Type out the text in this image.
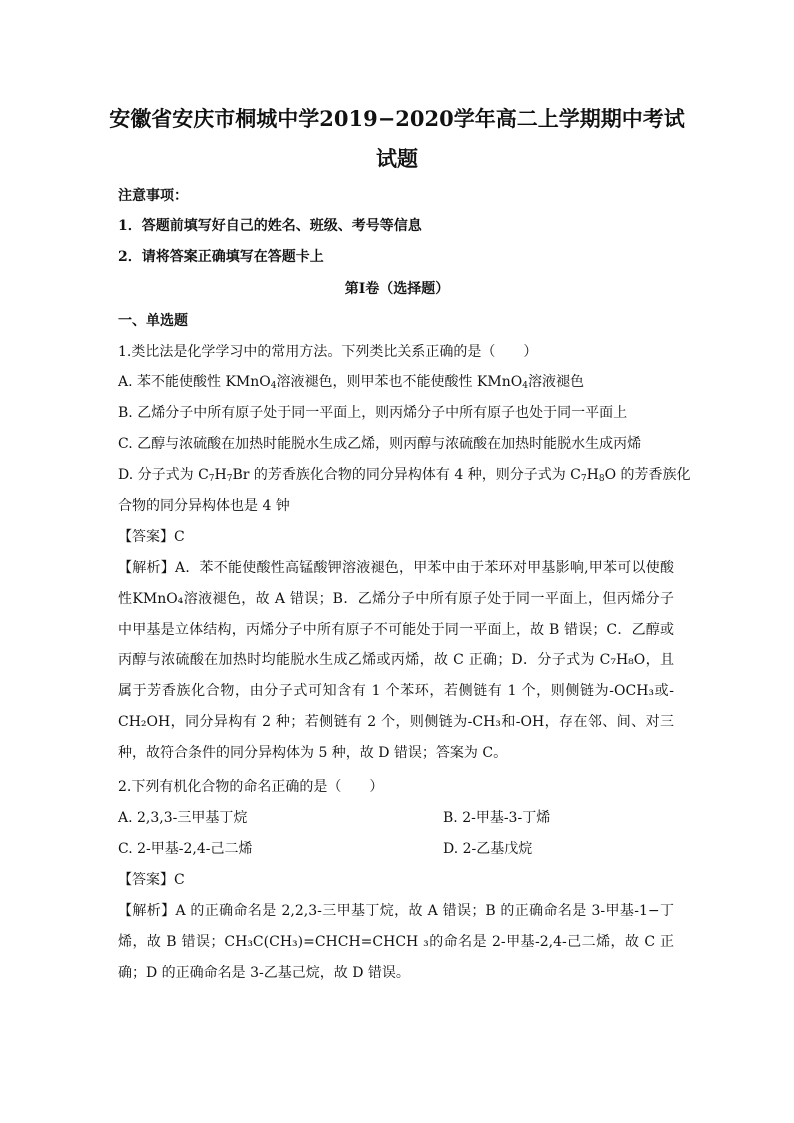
安徽省安庆市桐城中学2019−2020学年高二上学期期中考试
试题
注意事项：
1．答题前填写好自己的姓名、班级、考号等信息
2．请将答案正确填写在答题卡上
第I卷（选择题）
一、单选题
1.类比法是化学学习中的常用方法。下列类比关系正确的是（　　）
A. 苯不能使酸性 KMnO$_4$溶液褪色，则甲苯也不能使酸性 KMnO$_4$溶液褪色
B. 乙烯分子中所有原子处于同一平面上，则丙烯分子中所有原子也处于同一平面上
C. 乙醇与浓硫酸在加热时能脱水生成乙烯，则丙醇与浓硫酸在加热时能脱水生成丙烯
D. 分子式为 $C_7H_7Br$ 的芳香族化合物的同分异构体有 4 种，则分子式为 $C_7H_8O$ 的芳香族化
合物的同分异构体也是 4 钟
【答案】C
【解析】A．苯不能使酸性高锰酸钾溶液褪色，甲苯中由于苯环对甲基影响,甲苯可以使酸性KMnO₄溶液褪色，故 A 错误；B．乙烯分子中所有原子处于同一平面上，但丙烯分子中甲基是立体结构，丙烯分子中所有原子不可能处于同一平面上，故 B 错误；C．乙醇或丙醇与浓硫酸在加热时均能脱水生成乙烯或丙烯，故 C 正确；D．分子式为 C₇H₈O，且属于芳香族化合物，由分子式可知含有 1 个苯环，若侧链有 1 个，则侧链为-OCH₃或-CH₂OH，同分异构有 2 种；若侧链有 2 个，则侧链为-CH₃和-OH，存在邻、间、对三种，故符合条件的同分异构体为 5 种，故 D 错误；答案为 C。
2.下列有机化合物的命名正确的是（　　）
A. 2,3,3-三甲基丁烷	B. 2-甲基-3-丁烯
C. 2-甲基-2,4-己二烯	D. 2-乙基戊烷
【答案】C
【解析】A 的正确命名是 2,2,3-三甲基丁烷，故 A 错误；B 的正确命名是 3-甲基-1−丁烯，故 B 错误；CH₃C(CH₃)=CHCH=CHCH ₃的命名是 2-甲基-2,4-己二烯，故 C 正确；D 的正确命名是 3-乙基己烷，故 D 错误。
